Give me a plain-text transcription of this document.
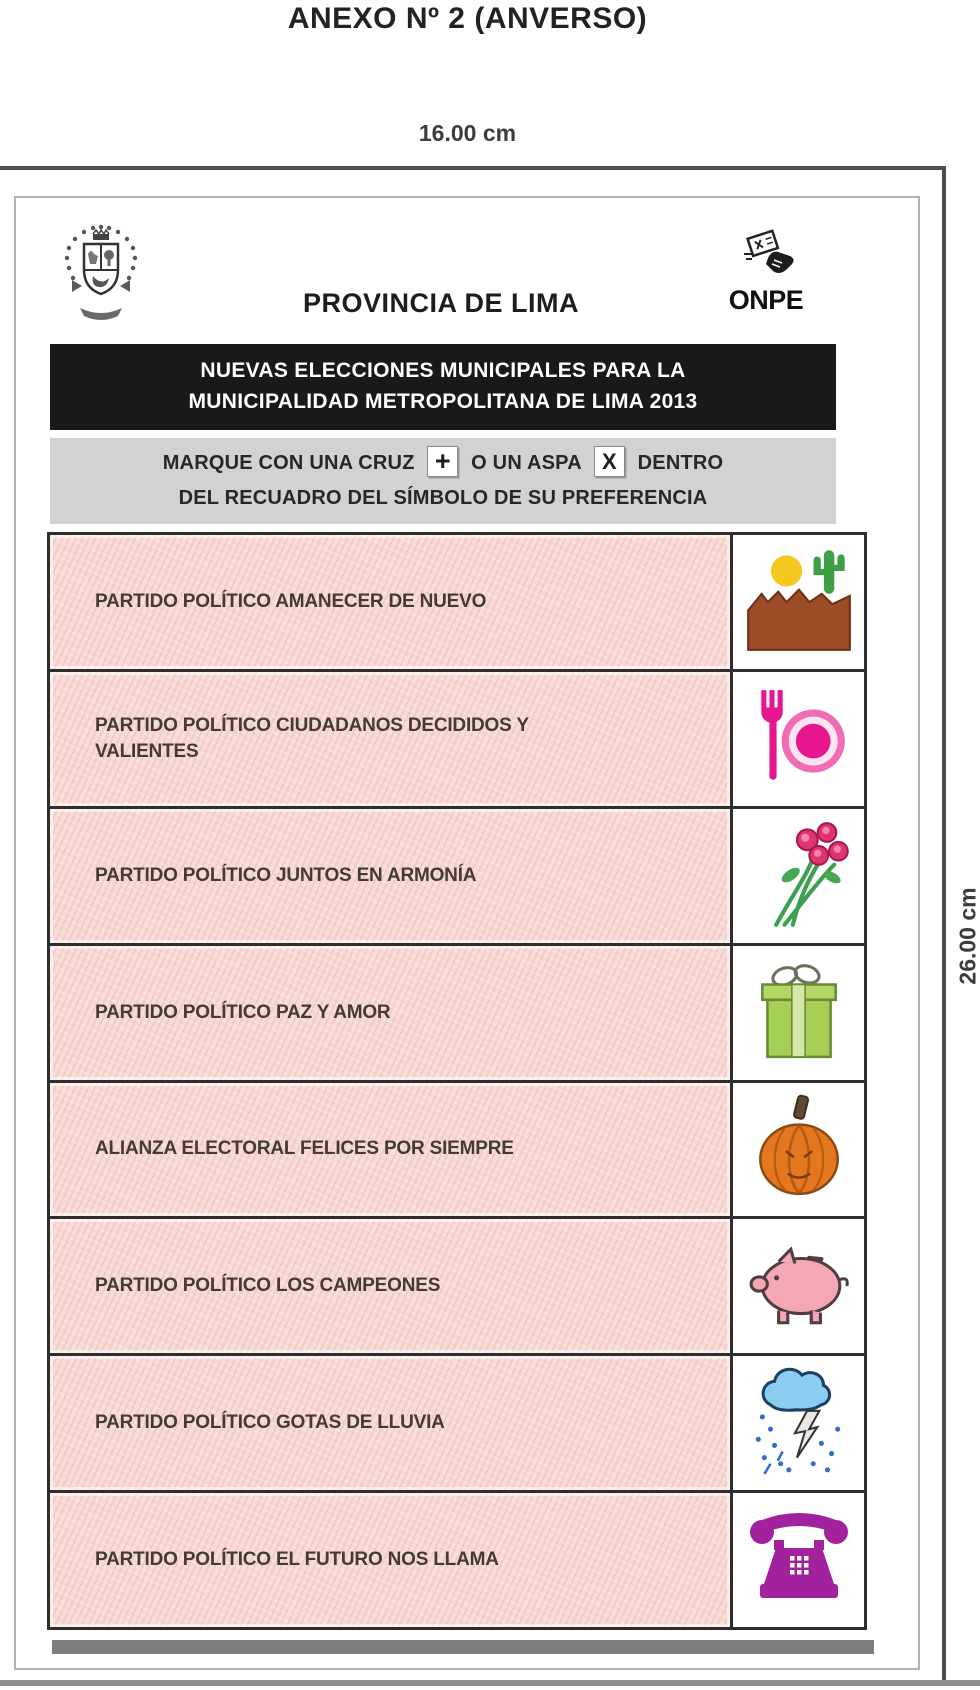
ANEXO Nº 2 (ANVERSO)
16.00 cm
26.00 cm
PROVINCIA DE LIMA	ONPE
NUEVAS ELECCIONES MUNICIPALES PARA LA
MUNICIPALIDAD METROPOLITANA DE LIMA 2013
MARQUE CON UNA CRUZ + O UN ASPA X DENTRO
DEL RECUADRO DEL SÍMBOLO DE SU PREFERENCIA
PARTIDO POLÍTICO AMANECER DE NUEVO
PARTIDO POLÍTICO CIUDADANOS DECIDIDOS Y VALIENTES
PARTIDO POLÍTICO JUNTOS EN ARMONÍA
PARTIDO POLÍTICO PAZ Y AMOR
ALIANZA ELECTORAL FELICES POR SIEMPRE
PARTIDO POLÍTICO LOS CAMPEONES
PARTIDO POLÍTICO GOTAS DE LLUVIA
PARTIDO POLÍTICO EL FUTURO NOS LLAMA
